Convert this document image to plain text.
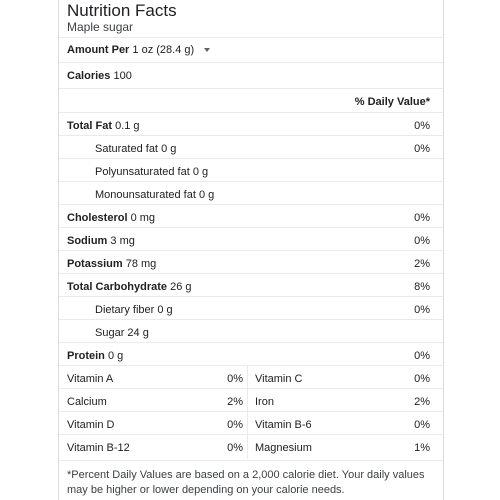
Nutrition Facts
Maple sugar
Amount Per 1 oz (28.4 g)
Calories 100
% Daily Value*
Total Fat 0.1 g	0%
Saturated fat 0 g	0%
Polyunsaturated fat 0 g
Monounsaturated fat 0 g
Cholesterol 0 mg	0%
Sodium 3 mg	0%
Potassium 78 mg	2%
Total Carbohydrate 26 g	8%
Dietary fiber 0 g	0%
Sugar 24 g
Protein 0 g	0%
Vitamin A	0% Vitamin C	0%
Calcium	2% Iron	2%
Vitamin D	0% Vitamin B-6	0%
Vitamin B-12	0% Magnesium	1%
*Percent Daily Values are based on a 2,000 calorie diet. Your daily values may be higher or lower depending on your calorie needs.
